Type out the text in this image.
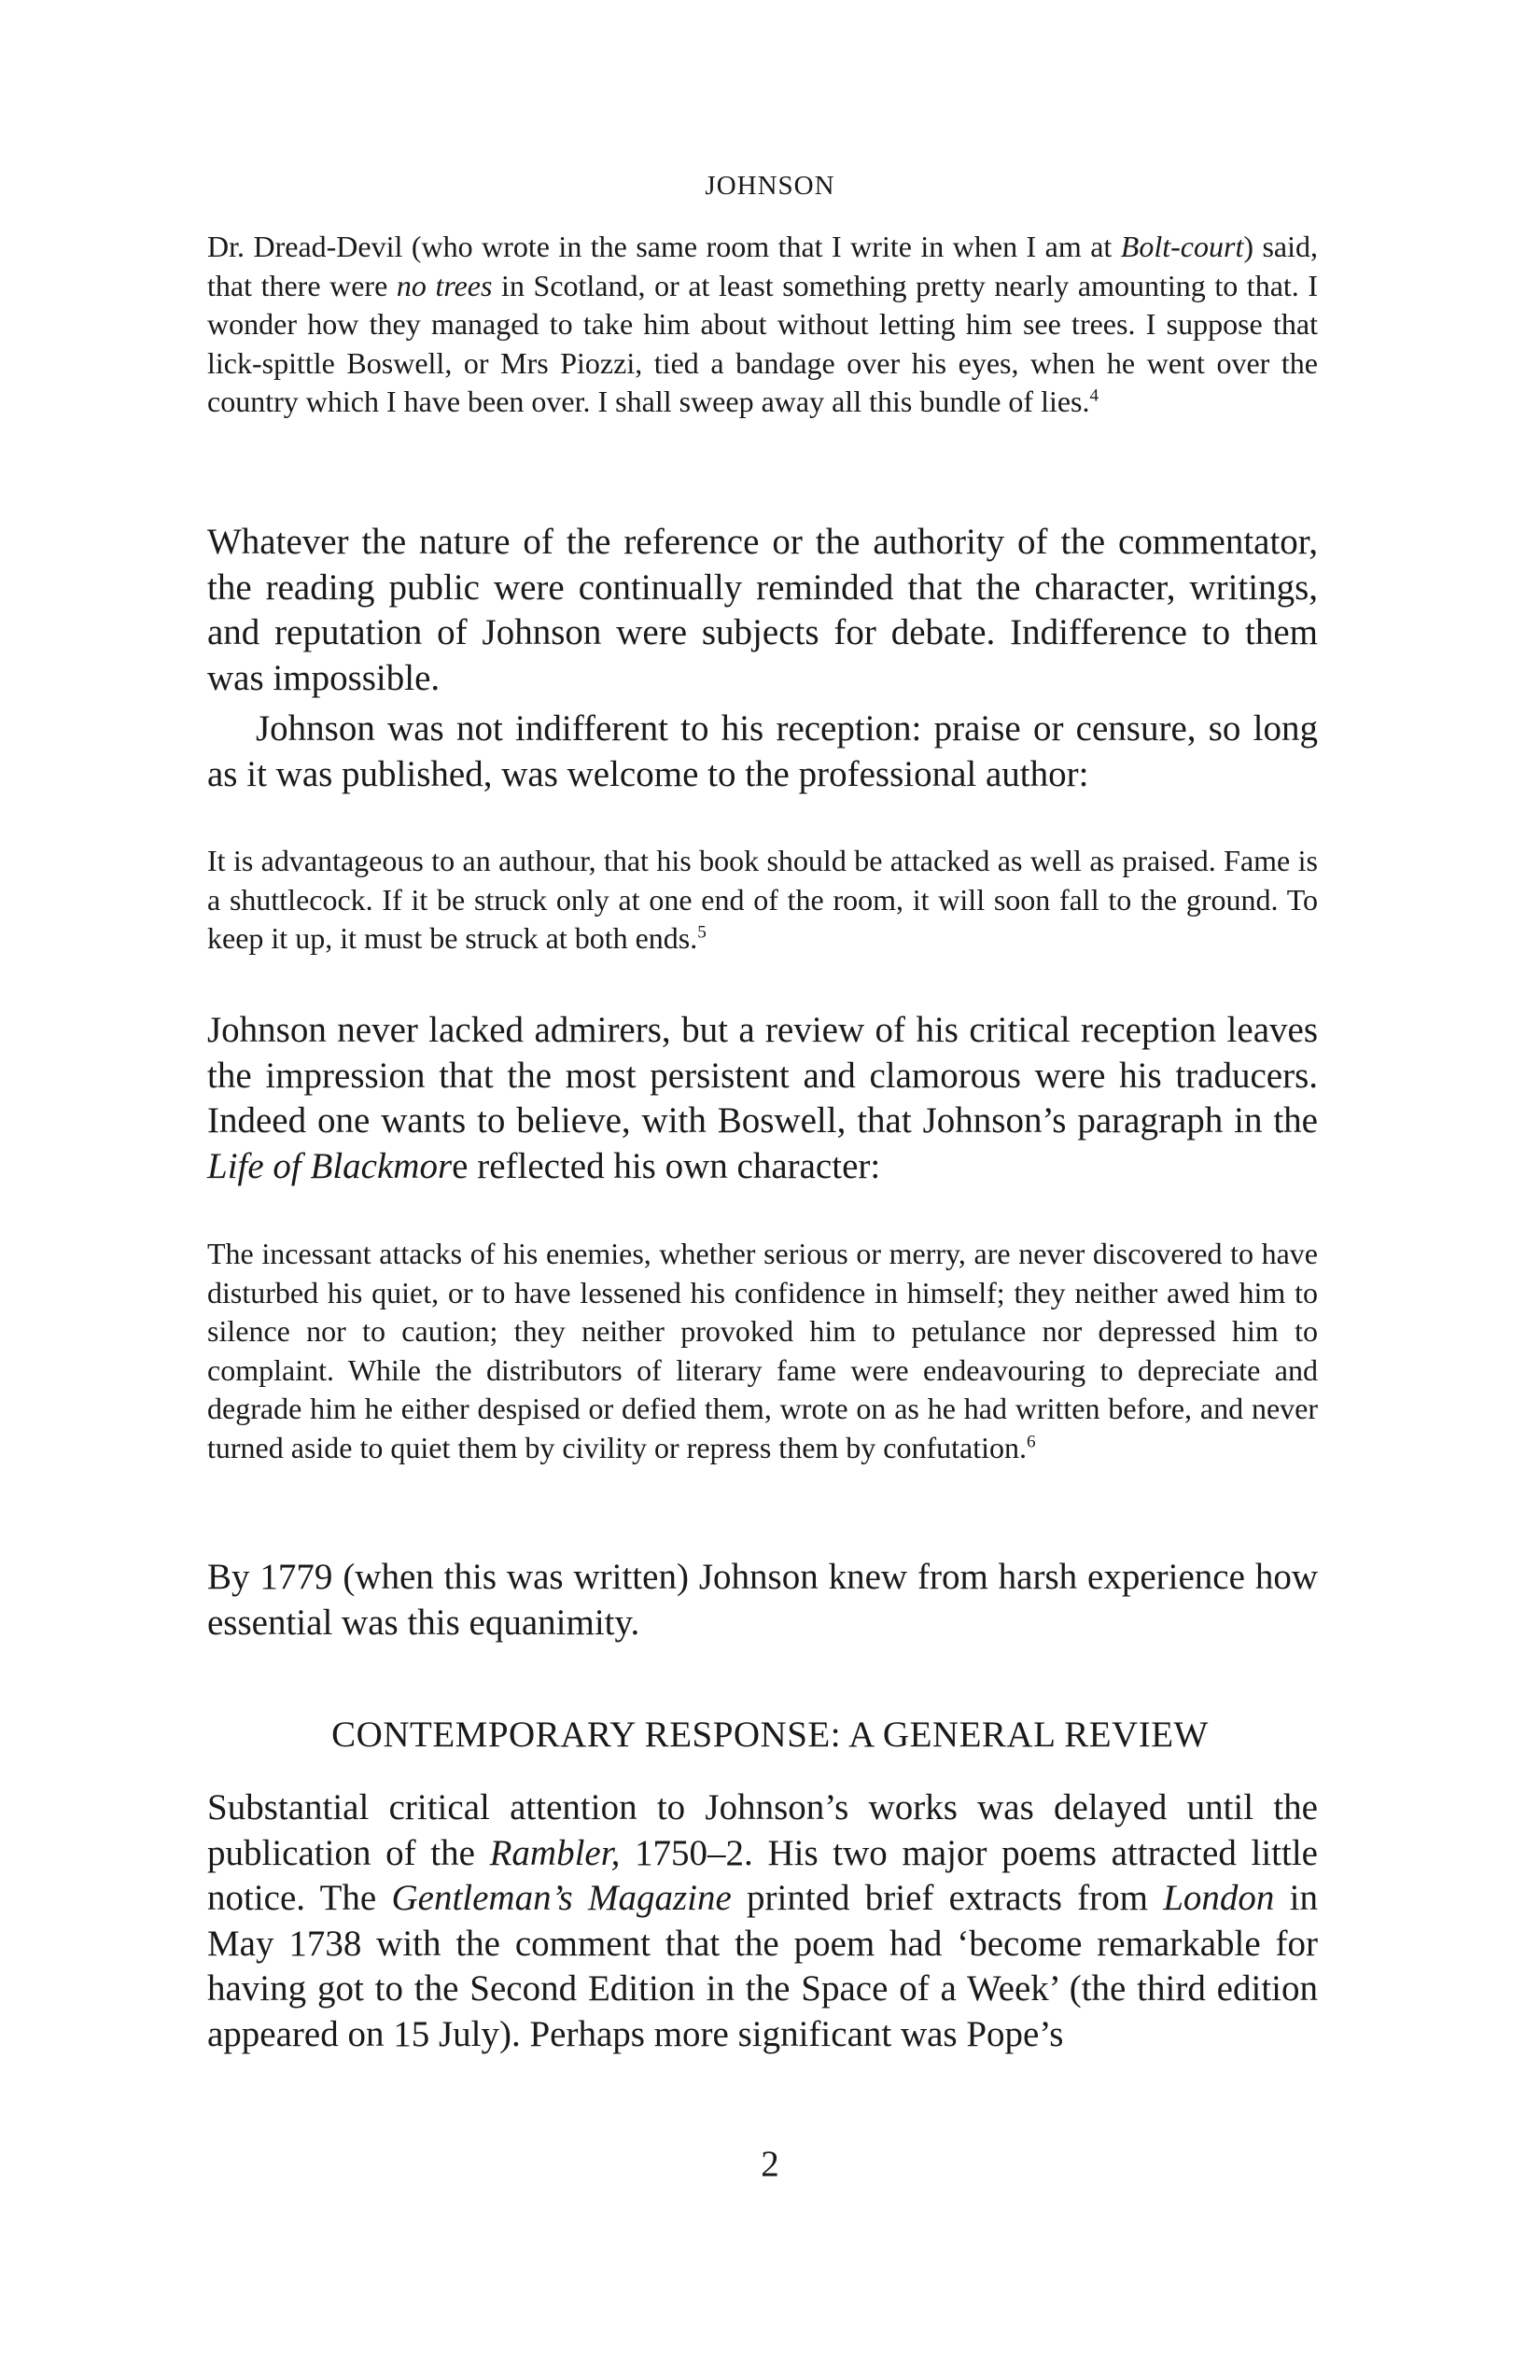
JOHNSON

Dr. Dread-Devil (who wrote in the same room that I write in when I am at Bolt-court) said, that there were no trees in Scotland, or at least something pretty nearly amounting to that. I wonder how they managed to take him about without letting him see trees. I suppose that lick-spittle Boswell, or Mrs Piozzi, tied a bandage over his eyes, when he went over the country which I have been over. I shall sweep away all this bundle of lies.$^4$

Whatever the nature of the reference or the authority of the commentator, the reading public were continually reminded that the character, writings, and reputation of Johnson were subjects for debate. Indifference to them was impossible.

Johnson was not indifferent to his reception: praise or censure, so long as it was published, was welcome to the professional author:

It is advantageous to an authour, that his book should be attacked as well as praised. Fame is a shuttlecock. If it be struck only at one end of the room, it will soon fall to the ground. To keep it up, it must be struck at both ends.$^5$

Johnson never lacked admirers, but a review of his critical reception leaves the impression that the most persistent and clamorous were his traducers. Indeed one wants to believe, with Boswell, that Johnson’s paragraph in the Life of Blackmore reflected his own character:

The incessant attacks of his enemies, whether serious or merry, are never discovered to have disturbed his quiet, or to have lessened his confidence in himself; they neither awed him to silence nor to caution; they neither provoked him to petulance nor depressed him to complaint. While the distributors of literary fame were endeavouring to depreciate and degrade him he either despised or defied them, wrote on as he had written before, and never turned aside to quiet them by civility or repress them by confutation.$^6$

By 1779 (when this was written) Johnson knew from harsh experience how essential was this equanimity.

CONTEMPORARY RESPONSE: A GENERAL REVIEW

Substantial critical attention to Johnson’s works was delayed until the publication of the Rambler, 1750–2. His two major poems attracted little notice. The Gentleman’s Magazine printed brief extracts from London in May 1738 with the comment that the poem had ‘become remarkable for having got to the Second Edition in the Space of a Week’ (the third edition appeared on 15 July). Perhaps more significant was Pope’s

2
